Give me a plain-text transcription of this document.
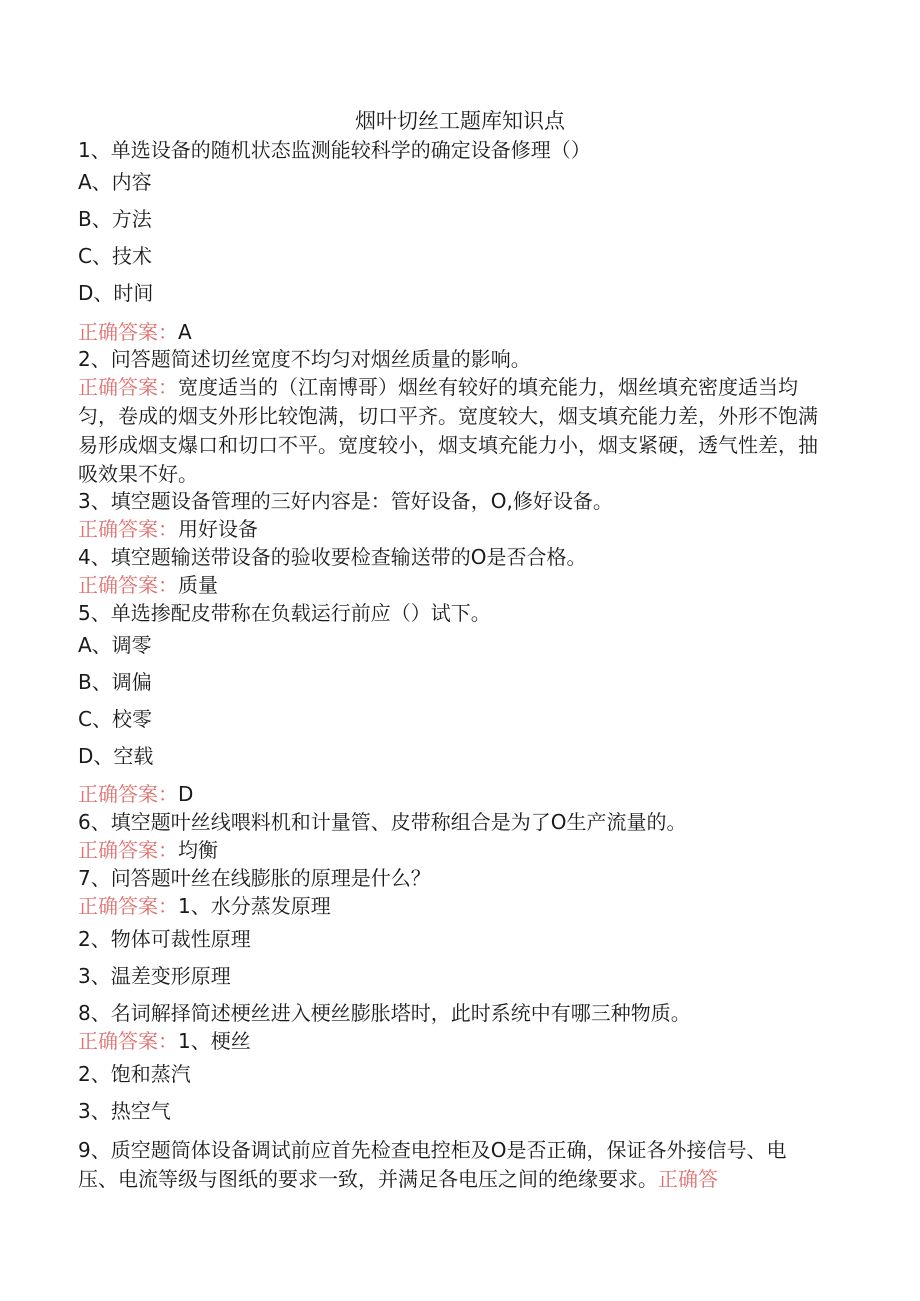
烟叶切丝工题库知识点
1、单选设备的随机状态监测能较科学的确定设备修理（）
A、内容
B、方法
C、技术
D、时间
正确答案：A
2、问答题简述切丝宽度不均匀对烟丝质量的影响。
正确答案：宽度适当的（江南博哥）烟丝有较好的填充能力，烟丝填充密度适当均匀，卷成的烟支外形比较饱满，切口平齐。宽度较大，烟支填充能力差，外形不饱满易形成烟支爆口和切口不平。宽度较小，烟支填充能力小，烟支紧硬，透气性差，抽吸效果不好。
3、填空题设备管理的三好内容是：管好设备，O,修好设备。
正确答案：用好设备
4、填空题输送带设备的验收要检查输送带的O是否合格。
正确答案：质量
5、单选掺配皮带称在负载运行前应（）试下。
A、调零
B、调偏
C、校零
D、空载
正确答案：D
6、填空题叶丝线喂料机和计量管、皮带称组合是为了O生产流量的。
正确答案：均衡
7、问答题叶丝在线膨胀的原理是什么？
正确答案：1、水分蒸发原理
2、物体可裁性原理
3、温差变形原理
8、名词解择简述梗丝进入梗丝膨胀塔时，此时系统中有哪三种物质。
正确答案：1、梗丝
2、饱和蒸汽
3、热空气
9、质空题筒体设备调试前应首先检查电控柜及O是否正确，保证各外接信号、电压、电流等级与图纸的要求一致，并满足各电压之间的绝缘要求。正确答
